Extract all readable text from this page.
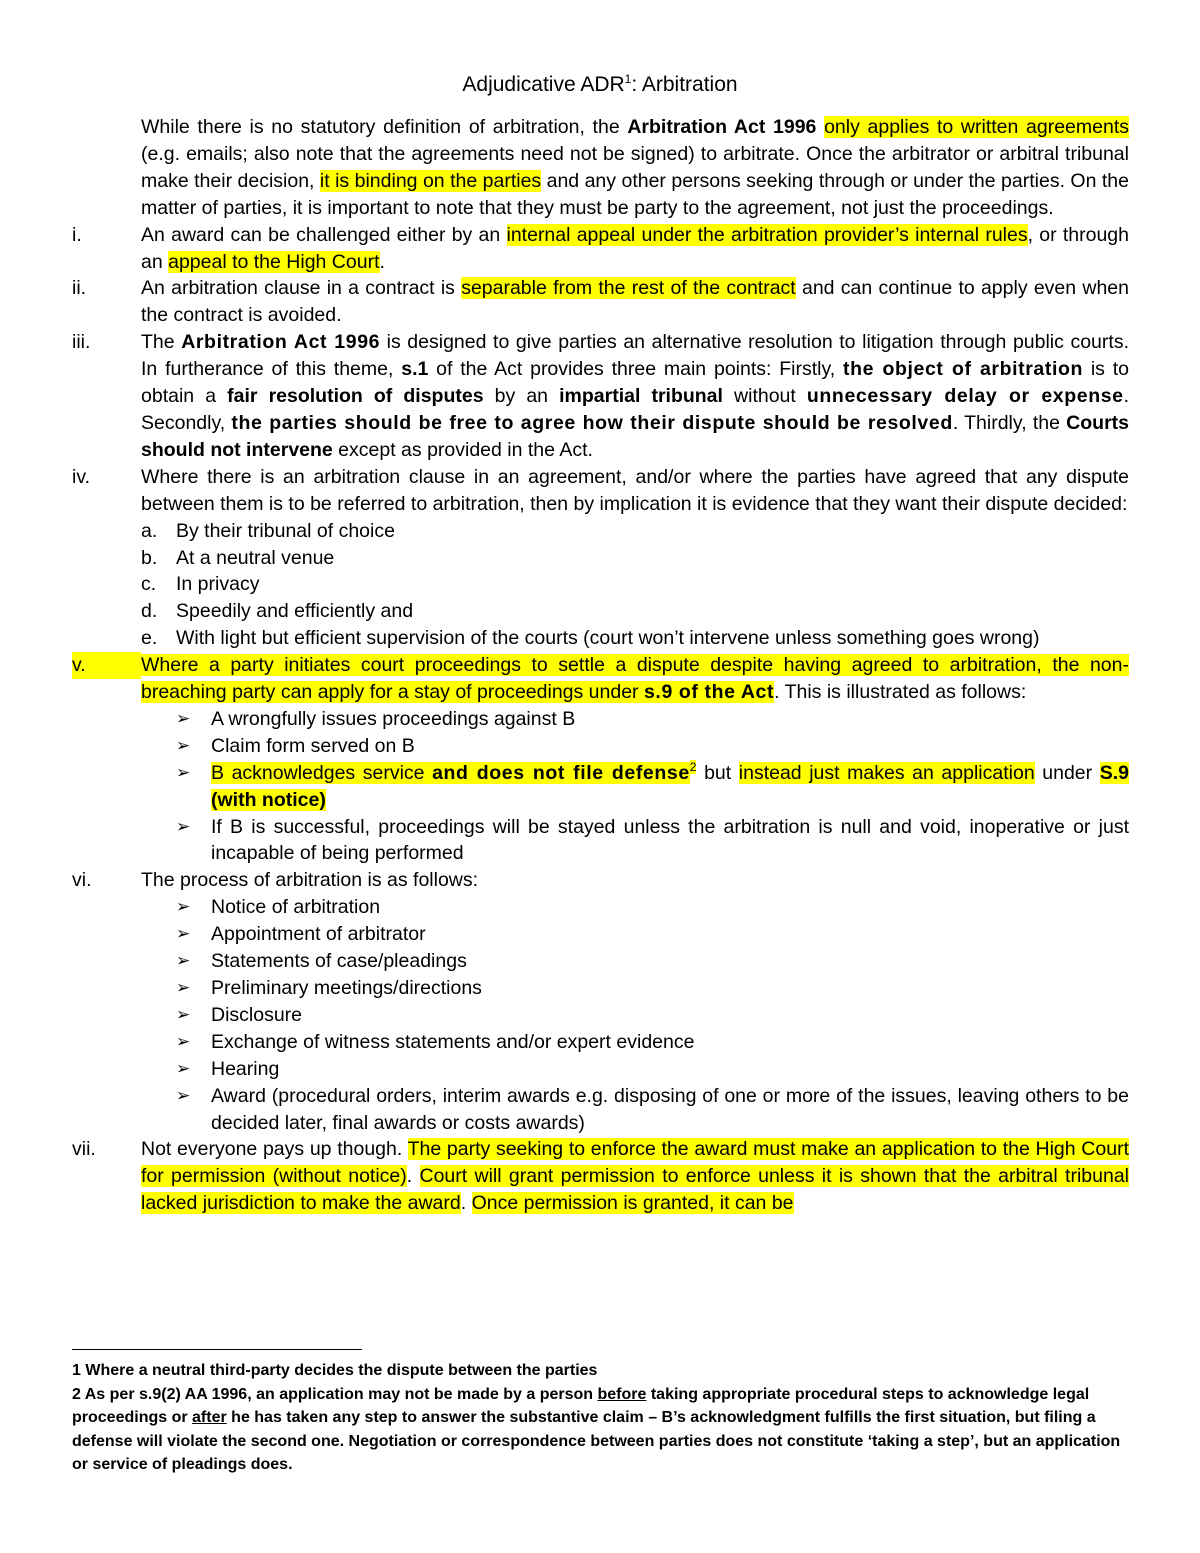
Adjudicative ADR$^1$: Arbitration
While there is no statutory definition of arbitration, the Arbitration Act 1996 only applies to written agreements (e.g. emails; also note that the agreements need not be signed) to arbitrate. Once the arbitrator or arbitral tribunal make their decision, it is binding on the parties and any other persons seeking through or under the parties. On the matter of parties, it is important to note that they must be party to the agreement, not just the proceedings.
i.	An award can be challenged either by an internal appeal under the arbitration provider’s internal rules, or through an appeal to the High Court.
ii.	An arbitration clause in a contract is separable from the rest of the contract and can continue to apply even when the contract is avoided.
iii.	The Arbitration Act 1996 is designed to give parties an alternative resolution to litigation through public courts. In furtherance of this theme, s.1 of the Act provides three main points: Firstly, the object of arbitration is to obtain a fair resolution of disputes by an impartial tribunal without unnecessary delay or expense. Secondly, the parties should be free to agree how their dispute should be resolved. Thirdly, the Courts should not intervene except as provided in the Act.
iv.	Where there is an arbitration clause in an agreement, and/or where the parties have agreed that any dispute between them is to be referred to arbitration, then by implication it is evidence that they want their dispute decided:
a. By their tribunal of choice
b. At a neutral venue
c. In privacy
d. Speedily and efficiently and
e. With light but efficient supervision of the courts (court won’t intervene unless something goes wrong)
v.	Where a party initiates court proceedings to settle a dispute despite having agreed to arbitration, the non-breaching party can apply for a stay of proceedings under s.9 of the Act. This is illustrated as follows:
➢ A wrongfully issues proceedings against B
➢ Claim form served on B
➢ B acknowledges service and does not file defense$^2$ but instead just makes an application under S.9 (with notice)
➢ If B is successful, proceedings will be stayed unless the arbitration is null and void, inoperative or just incapable of being performed
vi.	The process of arbitration is as follows:
➢ Notice of arbitration
➢ Appointment of arbitrator
➢ Statements of case/pleadings
➢ Preliminary meetings/directions
➢ Disclosure
➢ Exchange of witness statements and/or expert evidence
➢ Hearing
➢ Award (procedural orders, interim awards e.g. disposing of one or more of the issues, leaving others to be decided later, final awards or costs awards)
vii. Not everyone pays up though. The party seeking to enforce the award must make an application to the High Court for permission (without notice). Court will grant permission to enforce unless it is shown that the arbitral tribunal lacked jurisdiction to make the award. Once permission is granted, it can be

1 Where a neutral third-party decides the dispute between the parties

2 As per s.9(2) AA 1996, an application may not be made by a person before taking appropriate procedural steps to acknowledge legal proceedings or after he has taken any step to answer the substantive claim – B’s acknowledgment fulfills the first situation, but filing a defense will violate the second one. Negotiation or correspondence between parties does not constitute ‘taking a step’, but an application or service of pleadings does.
